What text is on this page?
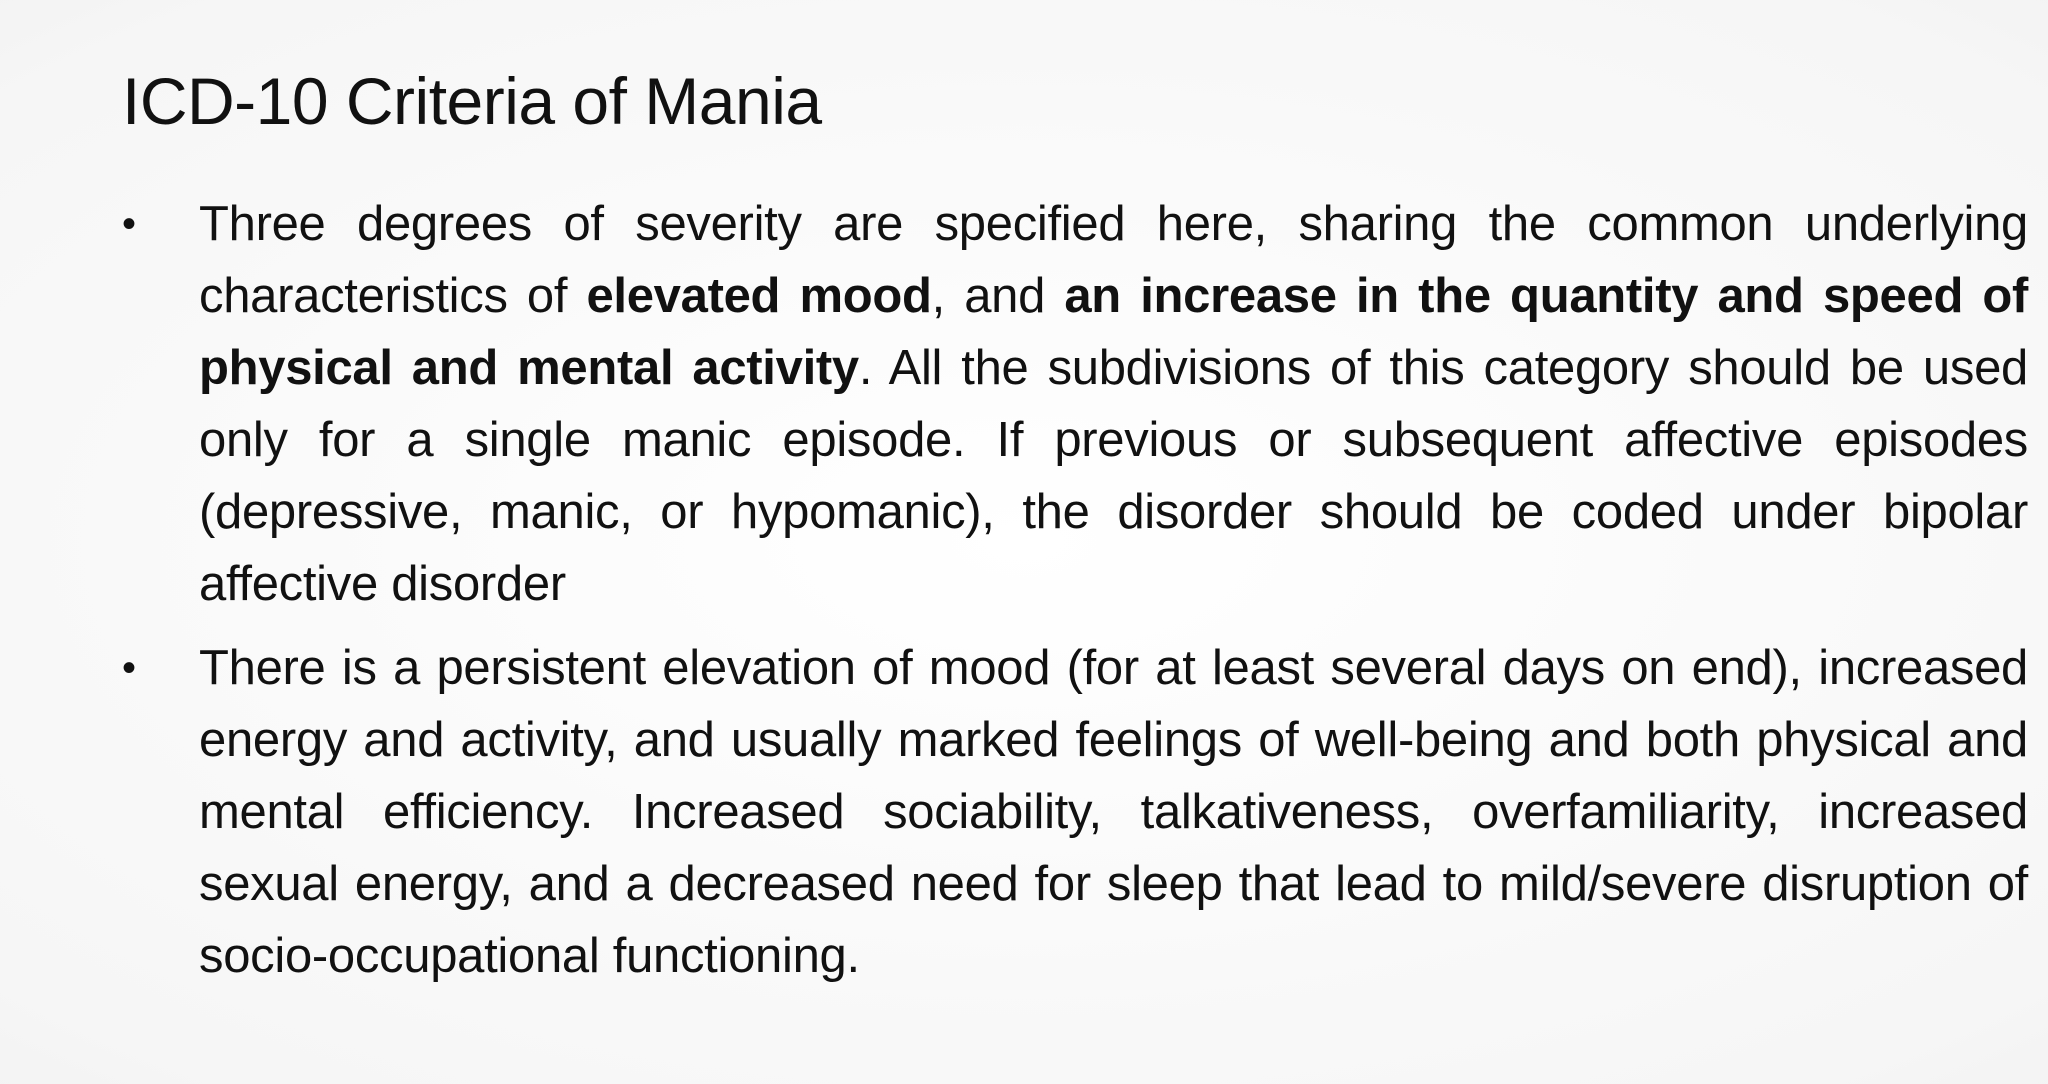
ICD-10 Criteria of Mania
•	Three degrees of severity are specified here, sharing the common underlying characteristics of elevated mood, and an increase in the quantity and speed of physical and mental activity. All the subdivisions of this category should be used only for a single manic episode. If previous or subsequent affective episodes (depressive, manic, or hypomanic), the disorder should be coded under bipolar affective disorder
•	There is a persistent elevation of mood (for at least several days on end), increased energy and activity, and usually marked feelings of well-being and both physical and mental efficiency. Increased sociability, talkativeness, overfamiliarity, increased sexual energy, and a decreased need for sleep that lead to mild/severe disruption of socio-occupational functioning.
